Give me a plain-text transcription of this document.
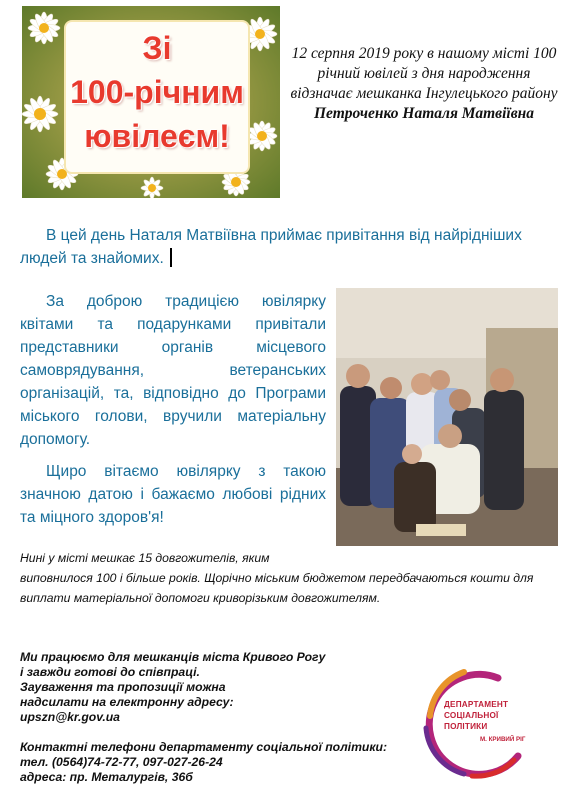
Зі
100-річним
ювілеєм!
12 серпня 2019 року в нашому місті 100 річний ювілей з дня народження відзначає мешканка Інгулецького району
Петроченко Наталя Матвіївна
В цей день Наталя Матвіївна приймає привітання від найрідніших людей та знайомих.
За доброю традицією ювілярку квітами та подарунками привітали представники органів місцевого самоврядування, ветеранських організацій, та, відповідно до Програми міського голови, вручили матеріальну допомогу.
Щиро вітаємо ювілярку з такою значною датою і бажаємо любові рідних та міцного здоров'я!
Нині у місті мешкає 15 довгожителів, яким
виповнилося 100 і більше років. Щорічно міським бюджетом передбачаються кошти для виплати матеріальної допомоги криворізьким довгожителям.
Ми працюємо для мешканців міста Кривого Рогу
і завжди готові до співпраці.
Зауваження та пропозиції можна
надсилати на електронну адресу:
upszn@kr.gov.ua
Контактні телефони департаменту соціальної політики:
тел. (0564)74-72-77, 097-027-26-24
адреса: пр. Металургів, 36б
ДЕПАРТАМЕНТ
СОЦІАЛЬНОЇ
ПОЛІТИКИ
М. КРИВИЙ РІГ
